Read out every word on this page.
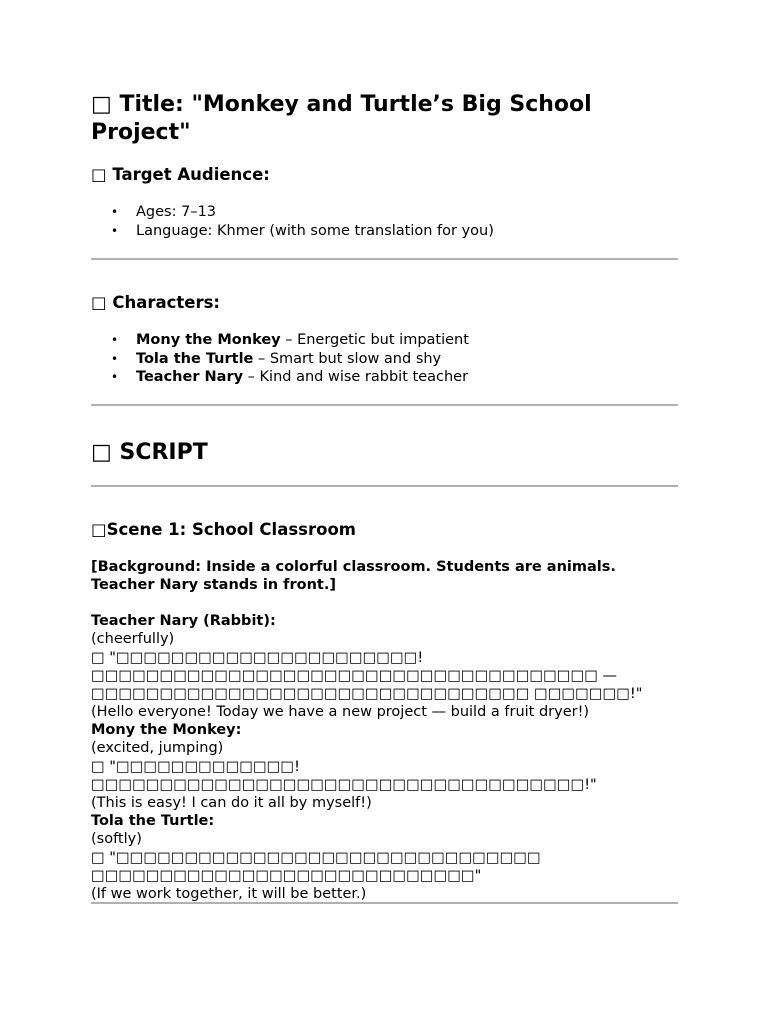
□ Title: "Monkey and Turtle’s Big School Project"
□ Target Audience:
• Ages: 7–13
• Language: Khmer (with some translation for you)
□ Characters:
• Mony the Monkey – Energetic but impatient
• Tola the Turtle – Smart but slow and shy
• Teacher Nary – Kind and wise rabbit teacher
□ SCRIPT
□Scene 1: School Classroom
[Background: Inside a colorful classroom. Students are animals. Teacher Nary stands in front.]
Teacher Nary (Rabbit):
(cheerfully)
□ "□□□□□□□□□□□□□□□□□□□□□□! □□□□□□□□□□□□□□□□□□□□□□□□□□□□□□□□□□□□□ — □□□□□□□□□□□□□□□□□□□□□□□□□□□□□□□□ □□□□□□□!"
(Hello everyone! Today we have a new project — build a fruit dryer!)
Mony the Monkey:
(excited, jumping)
□ "□□□□□□□□□□□□□! □□□□□□□□□□□□□□□□□□□□□□□□□□□□□□□□□□□□!"
(This is easy! I can do it all by myself!)
Tola the Turtle:
(softly)
□ "□□□□□□□□□□□□□□□□□□□□□□□□□□□□□□□ □□□□□□□□□□□□□□□□□□□□□□□□□□□□"
(If we work together, it will be better.)
